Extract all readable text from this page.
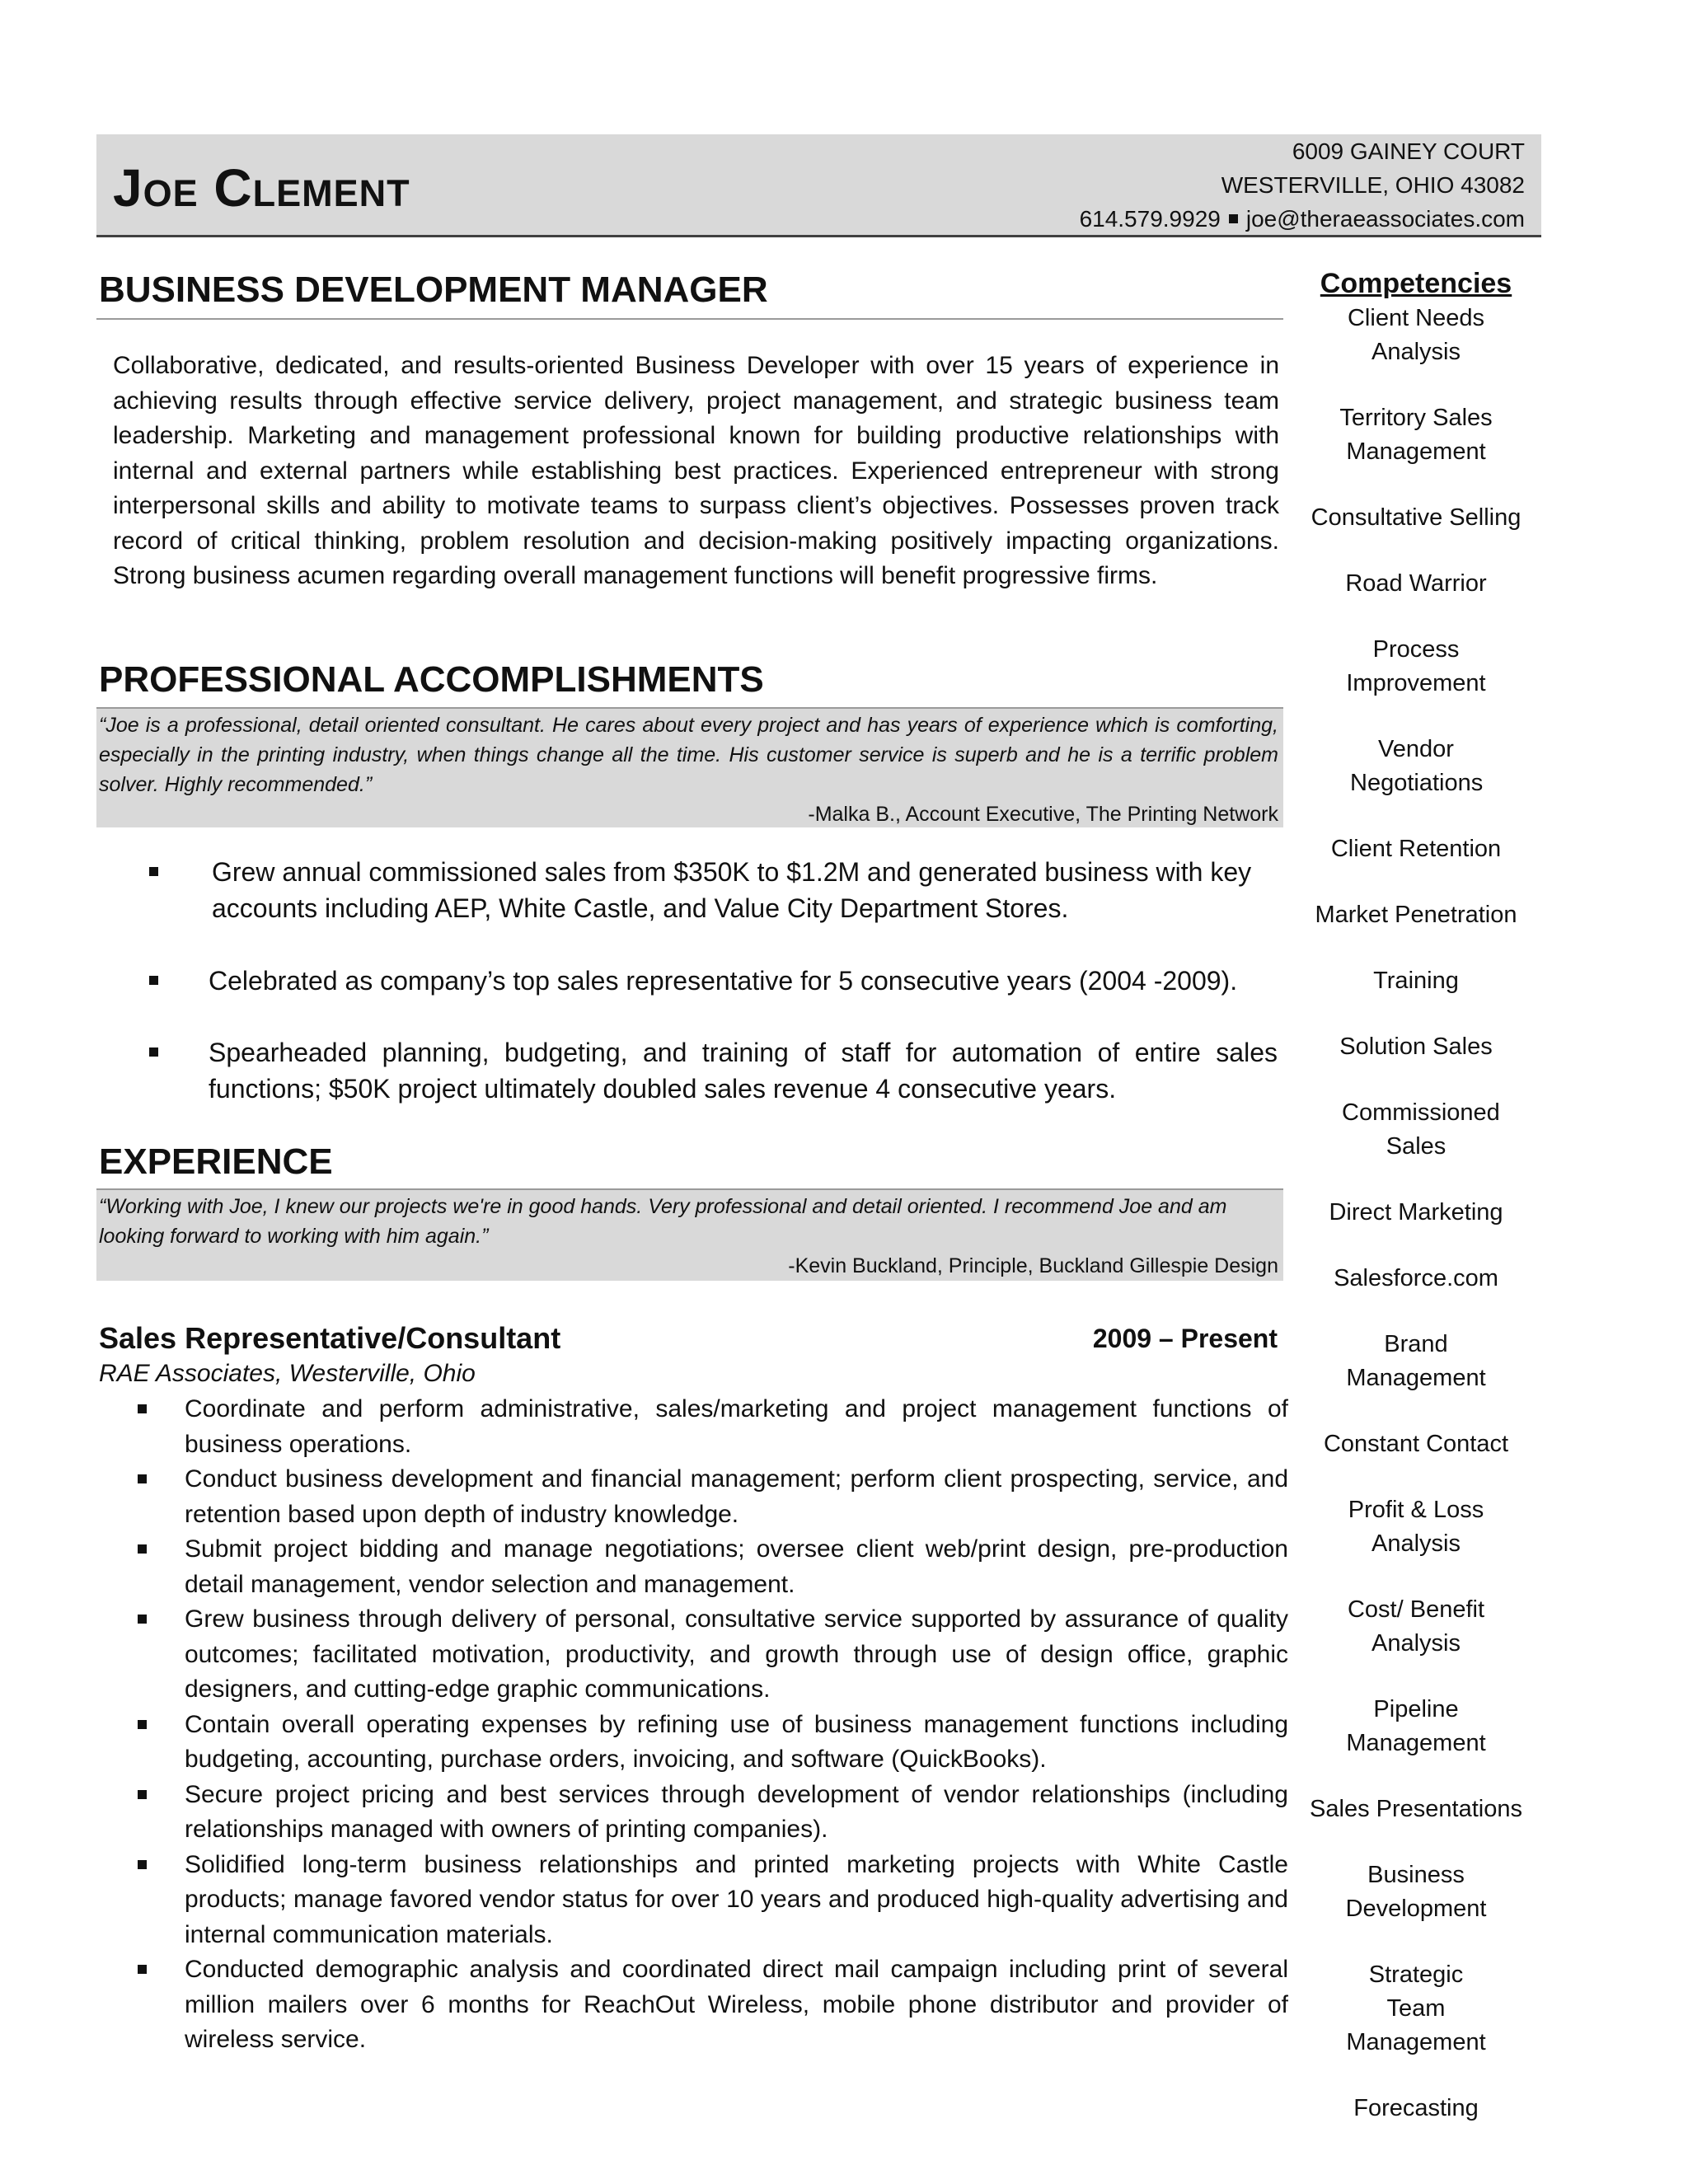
Joe Clement
6009 GAINEY COURT
WESTERVILLE, OHIO 43082
614.579.9929 joe@theraeassociates.com
BUSINESS DEVELOPMENT MANAGER
Collaborative, dedicated, and results-oriented Business Developer with over 15 years of experience in achieving results through effective service delivery, project management, and strategic business team leadership. Marketing and management professional known for building productive relationships with internal and external partners while establishing best practices. Experienced entrepreneur with strong interpersonal skills and ability to motivate teams to surpass client’s objectives. Possesses proven track record of critical thinking, problem resolution and decision-making positively impacting organizations. Strong business acumen regarding overall management functions will benefit progressive firms.
PROFESSIONAL ACCOMPLISHMENTS
“Joe is a professional, detail oriented consultant. He cares about every project and has years of experience which is comforting, especially in the printing industry, when things change all the time. His customer service is superb and he is a terrific problem solver. Highly recommended.”
-Malka B., Account Executive, The Printing Network
Grew annual commissioned sales from $350K to $1.2M and generated business with key accounts including AEP, White Castle, and Value City Department Stores.
Celebrated as company’s top sales representative for 5 consecutive years (2004 -2009).
Spearheaded planning, budgeting, and training of staff for automation of entire sales functions; $50K project ultimately doubled sales revenue 4 consecutive years.
EXPERIENCE
“Working with Joe, I knew our projects we're in good hands. Very professional and detail oriented. I recommend Joe and am looking forward to working with him again.”
-Kevin Buckland, Principle, Buckland Gillespie Design
Sales Representative/Consultant	2009 – Present
RAE Associates, Westerville, Ohio
Coordinate and perform administrative, sales/marketing and project management functions of business operations.
Conduct business development and financial management; perform client prospecting, service, and retention based upon depth of industry knowledge.
Submit project bidding and manage negotiations; oversee client web/print design, pre-production detail management, vendor selection and management.
Grew business through delivery of personal, consultative service supported by assurance of quality outcomes; facilitated motivation, productivity, and growth through use of design office, graphic designers, and cutting-edge graphic communications.
Contain overall operating expenses by refining use of business management functions including budgeting, accounting, purchase orders, invoicing, and software (QuickBooks).
Secure project pricing and best services through development of vendor relationships (including relationships managed with owners of printing companies).
Solidified long-term business relationships and printed marketing projects with White Castle products; manage favored vendor status for over 10 years and produced high-quality advertising and internal communication materials.
Conducted demographic analysis and coordinated direct mail campaign including print of several million mailers over 6 months for ReachOut Wireless, mobile phone distributor and provider of wireless service.
Competencies
Client Needs Analysis
Territory Sales Management
Consultative Selling
Road Warrior
Process Improvement
Vendor Negotiations
Client Retention
Market Penetration
Training
Solution Sales
Commissioned Sales
Direct Marketing
Salesforce.com
Brand Management
Constant Contact
Profit & Loss Analysis
Cost/ Benefit Analysis
Pipeline Management
Sales Presentations
Business Development
Strategic Team Management
Forecasting
